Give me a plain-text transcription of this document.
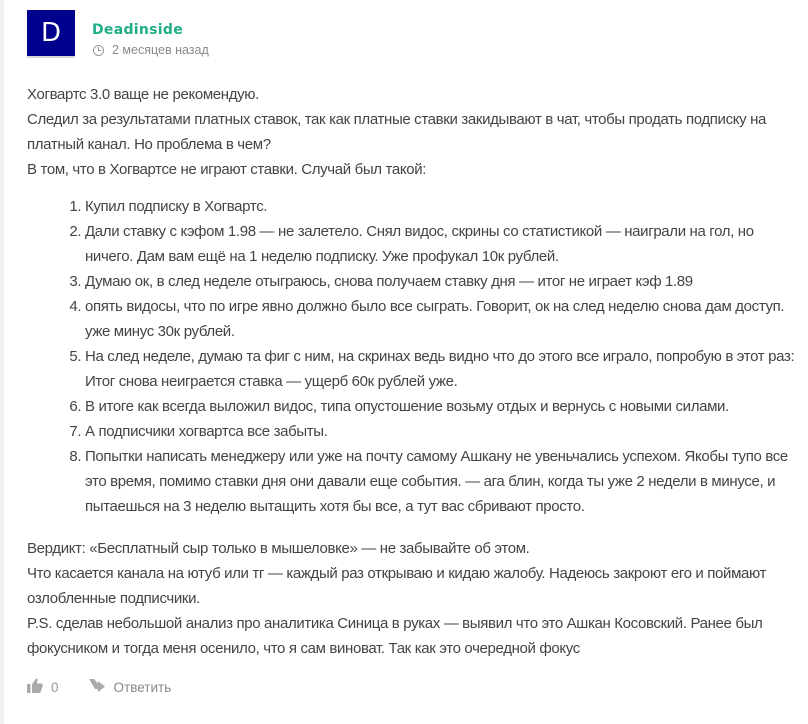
D	Deadinside
2 месяцев назад

Хогвартс 3.0 ваще не рекомендую.

Следил за результатами платных ставок, так как платные ставки закидывают в чат, чтобы продать подписку на платный канал. Но проблема в чем?

В том, что в Хогвартсе не играют ставки. Случай был такой:

1. Купил подписку в Хогвартс.
2. Дали ставку с кэфом 1.98 — не залетело. Снял видос, скрины со статистикой — наиграли на гол, но ничего. Дам вам ещё на 1 неделю подписку. Уже профукал 10к рублей.
3. Думаю ок, в след неделе отыграюсь, снова получаем ставку дня — итог не играет кэф 1.89
4. опять видосы, что по игре явно должно было все сыграть. Говорит, ок на след неделю снова дам доступ. уже минус 30к рублей.
5. На след неделе, думаю та фиг с ним, на скринах ведь видно что до этого все играло, попробую в этот раз: Итог снова неиграется ставка — ущерб 60к рублей уже.
6. В итоге как всегда выложил видос, типа опустошение возьму отдых и вернусь с новыми силами.
7. А подписчики хогвартса все забыты.
8. Попытки написать менеджеру или уже на почту самому Ашкану не увеньчались успехом. Якобы тупо все это время, помимо ставки дня они давали еще события. — ага блин, когда ты уже 2 недели в минусе, и пытаешься на 3 неделю вытащить хотя бы все, а тут вас сбривают просто.

Вердикт: «Бесплатный сыр только в мышеловке» — не забывайте об этом.

Что касается канала на ютуб или тг — каждый раз открываю и кидаю жалобу. Надеюсь закроют его и поймают озлобленные подписчики.

P.S. сделав небольшой анализ про аналитика Синица в руках — выявил что это Ашкан Косовский. Ранее был фокусником и тогда меня осенило, что я сам виноват. Так как это очередной фокус

0	Ответить
